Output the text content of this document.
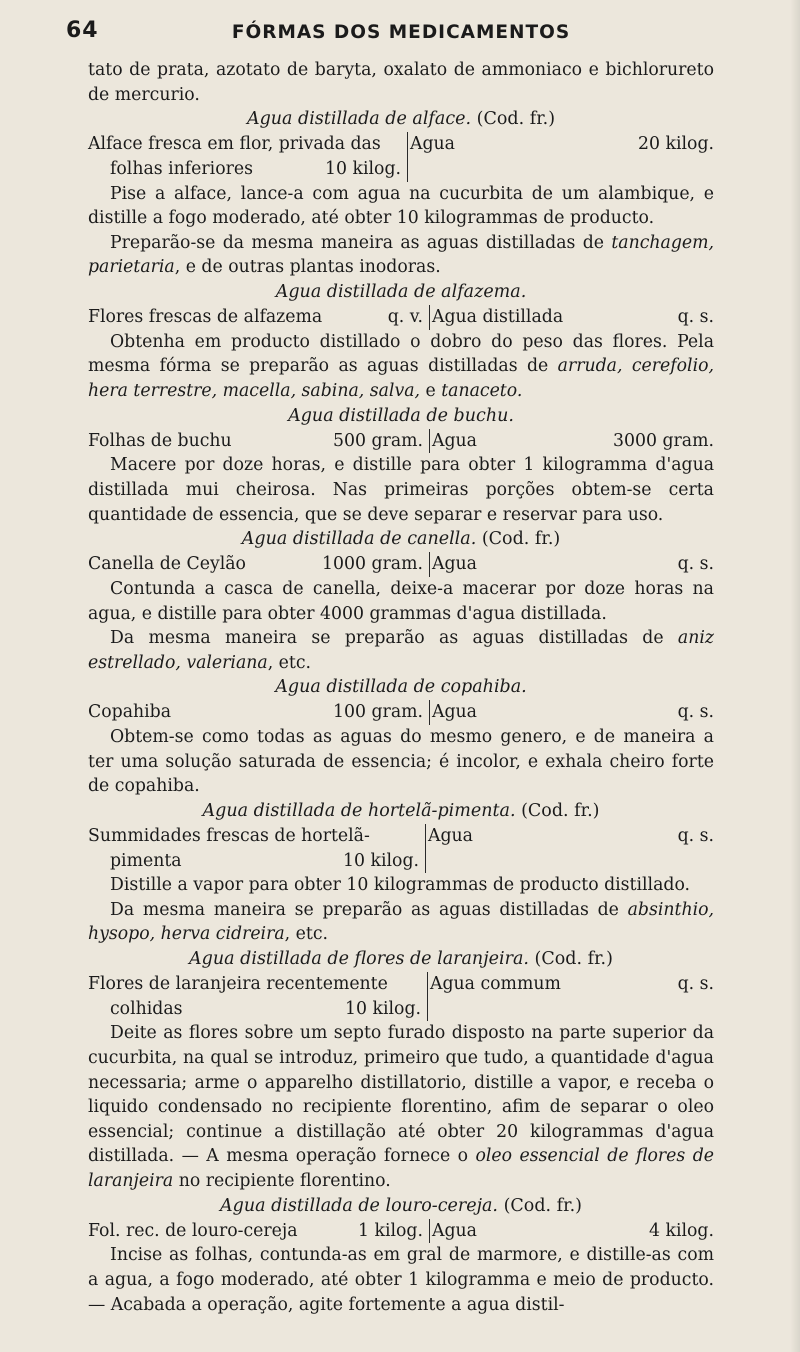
64	FÓRMAS DOS MEDICAMENTOS

tato de prata, azotato de baryta, oxalato de ammoniaco e bichlorureto de mercurio.

Agua distillada de alface. (Cod. fr.)
Alface fresca em flor, privada das
folhas inferiores	10 kilog.
Agua	20 kilog.

Pise a alface, lance-a com agua na cucurbita de um alambique, e distille a fogo moderado, até obter 10 kilogrammas de producto.

Preparão-se da mesma maneira as aguas distilladas de tanchagem, parietaria, e de outras plantas inodoras.

Agua distillada de alfazema.
Flores frescas de alfazema	q. v. Agua distillada	q. s.

Obtenha em producto distillado o dobro do peso das flores. Pela mesma fórma se preparão as aguas distilladas de arruda, cerefolio, hera terrestre, macella, sabina, salva, e tanaceto.

Agua distillada de buchu.
Folhas de buchu	500 gram. Agua	3000 gram.

Macere por doze horas, e distille para obter 1 kilogramma d'agua distillada mui cheirosa. Nas primeiras porções obtem-se certa quantidade de essencia, que se deve separar e reservar para uso.

Agua distillada de canella. (Cod. fr.)
Canella de Ceylão	1000 gram. Agua	q. s.

Contunda a casca de canella, deixe-a macerar por doze horas na agua, e distille para obter 4000 grammas d'agua distillada.

Da mesma maneira se preparão as aguas distilladas de aniz estrellado, valeriana, etc.

Agua distillada de copahiba.
Copahiba	100 gram. Agua	q. s.

Obtem-se como todas as aguas do mesmo genero, e de maneira a ter uma solução saturada de essencia; é incolor, e exhala cheiro forte de copahiba.

Agua distillada de hortelã-pimenta. (Cod. fr.)
Summidades frescas de hortelã-
pimenta	10 kilog.
Agua	q. s.

Distille a vapor para obter 10 kilogrammas de producto distillado.

Da mesma maneira se preparão as aguas distilladas de absinthio, hysopo, herva cidreira, etc.

Agua distillada de flores de laranjeira. (Cod. fr.)
Flores de laranjeira recentemente
colhidas	10 kilog.
Agua commum	q. s.

Deite as flores sobre um septo furado disposto na parte superior da cucurbita, na qual se introduz, primeiro que tudo, a quantidade d'agua necessaria; arme o apparelho distillatorio, distille a vapor, e receba o liquido condensado no recipiente florentino, afim de separar o oleo essencial; continue a distillação até obter 20 kilogrammas d'agua distillada. — A mesma operação fornece o oleo essencial de flores de laranjeira no recipiente florentino.

Agua distillada de louro-cereja. (Cod. fr.)
Fol. rec. de louro-cereja	1 kilog. Agua	4 kilog.

Incise as folhas, contunda-as em gral de marmore, e distille-as com a agua, a fogo moderado, até obter 1 kilogramma e meio de producto. — Acabada a operação, agite fortemente a agua distil-
